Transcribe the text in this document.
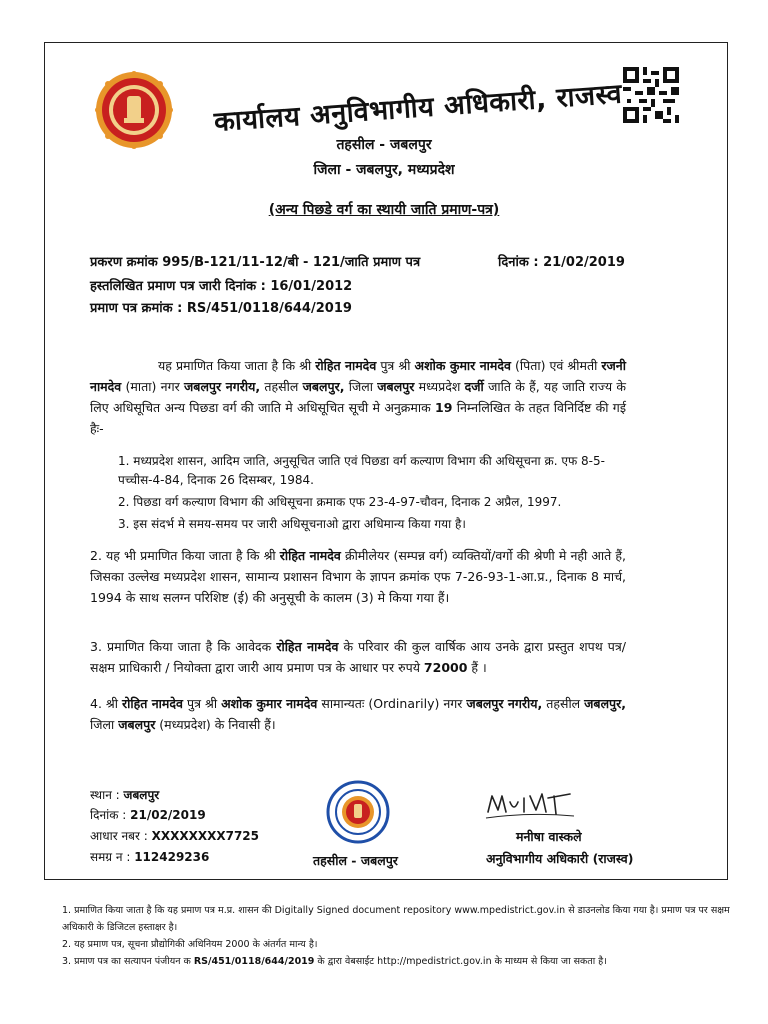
कार्यालय अनुविभागीय अधिकारी, राजस्व
तहसील - जबलपुर
जिला - जबलपुर, मध्यप्रदेश
(अन्य पिछडे वर्ग का स्थायी जाति प्रमाण-पत्र)
प्रकरण क्रमांक 995/B-121/11-12/बी - 121/जाति प्रमाण पत्र	दिनांक : 21/02/2019
हस्तलिखित प्रमाण पत्र जारी दिनांक : 16/01/2012
प्रमाण पत्र क्रमांक : RS/451/0118/644/2019
यह प्रमाणित किया जाता है कि श्री रोहित नामदेव पुत्र श्री अशोक कुमार नामदेव (पिता) एवं श्रीमती रजनी नामदेव (माता) नगर जबलपुर नगरीय, तहसील जबलपुर, जिला जबलपुर मध्यप्रदेश दर्जी जाति के हैं, यह जाति राज्य के लिए अधिसूचित अन्य पिछडा वर्ग की जाति मे अधिसूचित सूची मे अनुक्रमाक 19 निम्नलिखित के तहत विनिर्दिष्ट की गई हैः-
1. मध्यप्रदेश शासन, आदिम जाति, अनुसूचित जाति एवं पिछडा वर्ग कल्याण विभाग की अधिसूचना क्र. एफ 8-5-पच्चीस-4-84, दिनाक 26 दिसम्बर, 1984.
2. पिछडा वर्ग कल्याण विभाग की अधिसूचना क्रमाक एफ 23-4-97-चौवन, दिनाक 2 अप्रैल, 1997.
3. इस संदर्भ मे समय-समय पर जारी अधिसूचनाओ द्वारा अधिमान्य किया गया है।
2. यह भी प्रमाणित किया जाता है कि श्री रोहित नामदेव क्रीमीलेयर (सम्पन्न वर्ग) व्यक्तियों/वर्गो की श्रेणी मे नही आते हैं, जिसका उल्लेख मध्यप्रदेश शासन, सामान्य प्रशासन विभाग के ज्ञापन क्रमांक एफ 7-26-93-1-आ.प्र., दिनाक 8 मार्च, 1994 के साथ सलग्न परिशिष्ट (ई) की अनुसूची के कालम (3) मे किया गया हैं।
3. प्रमाणित किया जाता है कि आवेदक रोहित नामदेव के परिवार की कुल वार्षिक आय उनके द्वारा प्रस्तुत शपथ पत्र/सक्षम प्राधिकारी / नियोक्ता द्वारा जारी आय प्रमाण पत्र के आधार पर रुपये 72000 हैं ।
4. श्री रोहित नामदेव पुत्र श्री अशोक कुमार नामदेव सामान्यतः (Ordinarily) नगर जबलपुर नगरीय, तहसील जबलपुर, जिला जबलपुर (मध्यप्रदेश) के निवासी हैं।
स्थान : जबलपुर
दिनांक : 21/02/2019
आधार नबर : XXXXXXXX7725
समग्र न : 112429236	तहसील - जबलपुर
मनीषा वास्कले
अनुविभागीय अधिकारी (राजस्व)
1. प्रमाणित किया जाता है कि यह प्रमाण पत्र म.प्र. शासन की Digitally Signed document repository www.mpedistrict.gov.in से डाउनलोड किया गया है। प्रमाण पत्र पर सक्षम अधिकारी के डिजिटल हस्ताक्षर है।
2. यह प्रमाण पत्र, सूचना प्रौद्योगिकी अधिनियम 2000 के अंतर्गत मान्य है।
3. प्रमाण पत्र का सत्यापन पंजीयन क RS/451/0118/644/2019 के द्वारा वेबसाईट http://mpedistrict.gov.in के माध्यम से किया जा सकता है।
